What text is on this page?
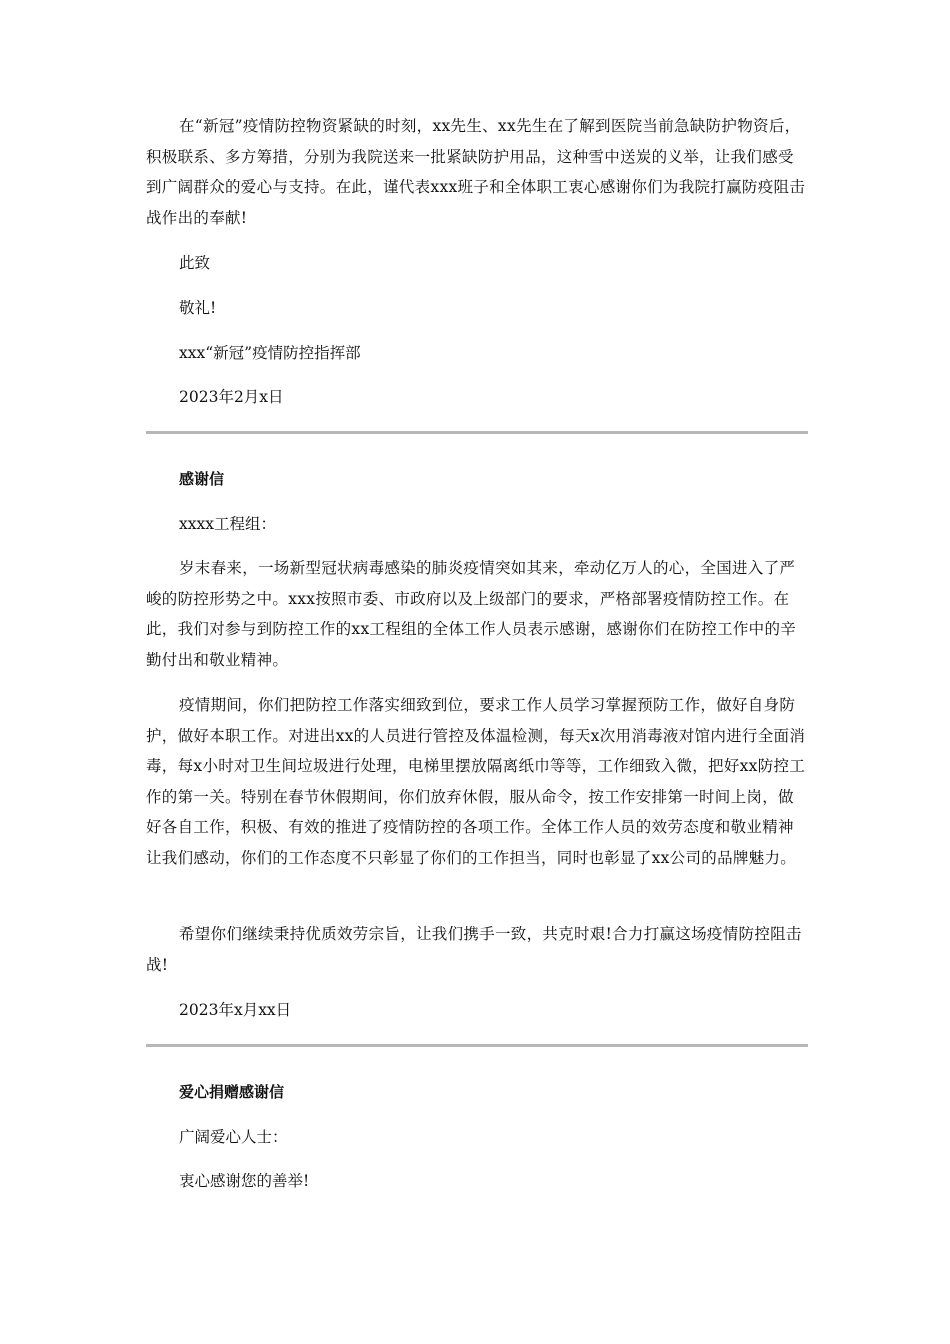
在“新冠”疫情防控物资紧缺的时刻，xx先生、xx先生在了解到医院当前急缺防护物资后，积极联系、多方筹措，分别为我院送来一批紧缺防护用品，这种雪中送炭的义举，让我们感受到广阔群众的爱心与支持。在此，谨代表xxx班子和全体职工衷心感谢你们为我院打赢防疫阻击战作出的奉献!

此致

敬礼!

xxx“新冠”疫情防控指挥部

2023年2月x日

感谢信

xxxx工程组：

岁末春来，一场新型冠状病毒感染的肺炎疫情突如其来，牵动亿万人的心，全国进入了严峻的防控形势之中。xxx按照市委、市政府以及上级部门的要求，严格部署疫情防控工作。在此，我们对参与到防控工作的xx工程组的全体工作人员表示感谢，感谢你们在防控工作中的辛勤付出和敬业精神。

疫情期间，你们把防控工作落实细致到位，要求工作人员学习掌握预防工作，做好自身防护，做好本职工作。对进出xx的人员进行管控及体温检测，每天x次用消毒液对馆内进行全面消毒，每x小时对卫生间垃圾进行处理，电梯里摆放隔离纸巾等等，工作细致入微，把好xx防控工作的第一关。特别在春节休假期间，你们放弃休假，服从命令，按工作安排第一时间上岗，做好各自工作，积极、有效的推进了疫情防控的各项工作。全体工作人员的效劳态度和敬业精神让我们感动，你们的工作态度不只彰显了你们的工作担当，同时也彰显了xx公司的品牌魅力。

希望你们继续秉持优质效劳宗旨，让我们携手一致，共克时艰!合力打赢这场疫情防控阻击战!

2023年x月xx日

爱心捐赠感谢信

广阔爱心人士：

衷心感谢您的善举!
